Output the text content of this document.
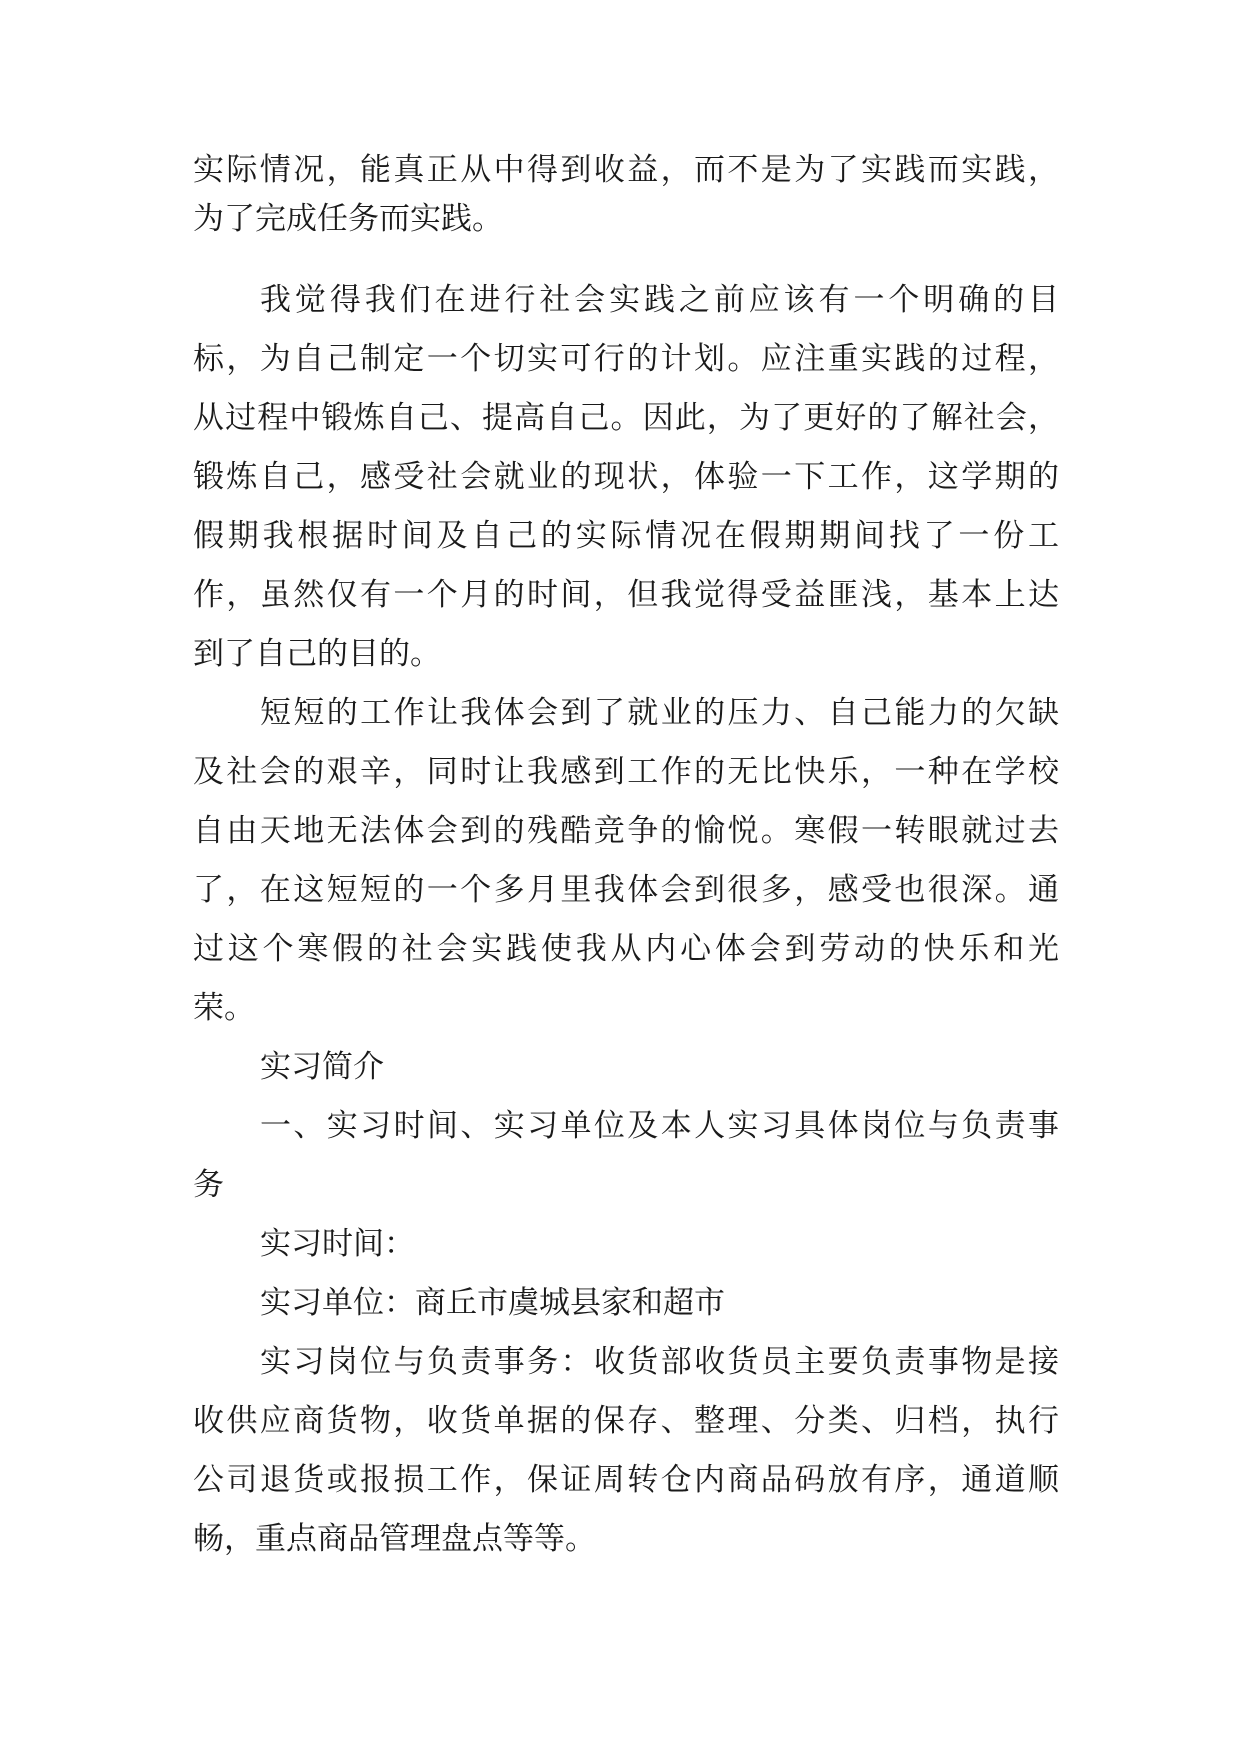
实际情况，能真正从中得到收益，而不是为了实践而实践，
为了完成任务而实践。
我觉得我们在进行社会实践之前应该有一个明确的目
标，为自己制定一个切实可行的计划。应注重实践的过程，
从过程中锻炼自己、提高自己。因此，为了更好的了解社会，
锻炼自己，感受社会就业的现状，体验一下工作，这学期的
假期我根据时间及自己的实际情况在假期期间找了一份工
作，虽然仅有一个月的时间，但我觉得受益匪浅，基本上达
到了自己的目的。
短短的工作让我体会到了就业的压力、自己能力的欠缺
及社会的艰辛，同时让我感到工作的无比快乐，一种在学校
自由天地无法体会到的残酷竞争的愉悦。寒假一转眼就过去
了，在这短短的一个多月里我体会到很多，感受也很深。通
过这个寒假的社会实践使我从内心体会到劳动的快乐和光
荣。
实习简介
一、实习时间、实习单位及本人实习具体岗位与负责事
务
实习时间：
实习单位：商丘市虞城县家和超市
实习岗位与负责事务：收货部收货员主要负责事物是接
收供应商货物，收货单据的保存、整理、分类、归档，执行
公司退货或报损工作，保证周转仓内商品码放有序，通道顺
畅，重点商品管理盘点等等。
